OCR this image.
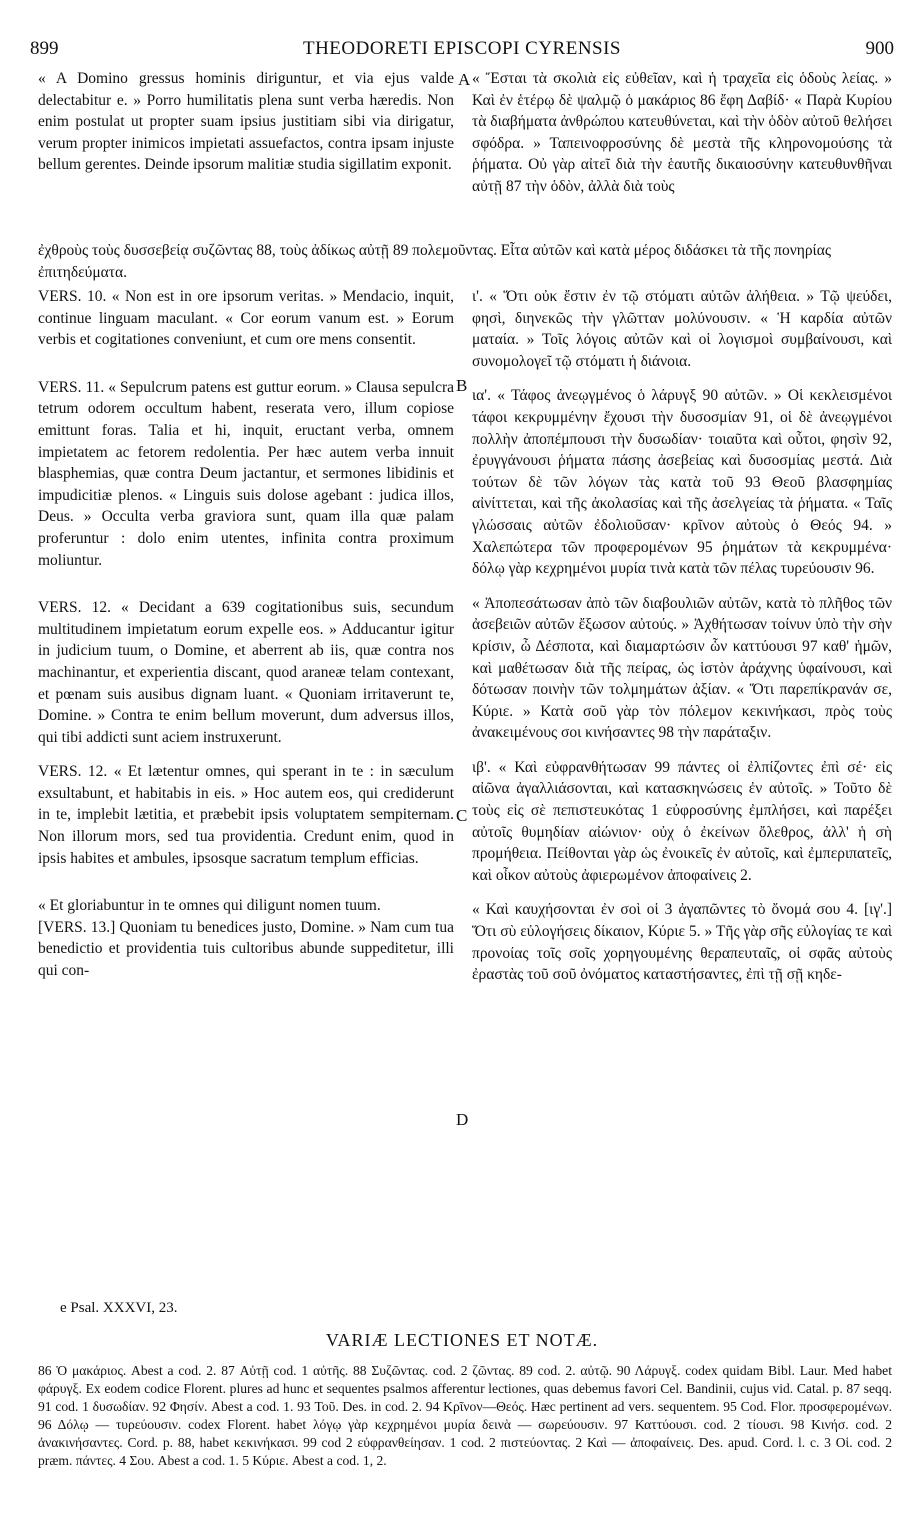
899	THEODORETI EPISCOPI CYRENSIS	900
A
B
C
D

« A Domino gressus hominis diriguntur, et via ejus valde delectabitur e. » Porro humilitatis plena sunt verba hæredis. Non enim postulat ut propter suam ipsius justitiam sibi via dirigatur, verum propter inimicos impietati assuefactos, contra ipsam injuste bellum gerentes. Deinde ipsorum malitiæ studia sigillatim exponit.

« Ἔσται τὰ σκολιὰ εἰς εὐθεῖαν, καὶ ἡ τραχεῖα εἰς ὁδοὺς λείας. » Καὶ ἐν ἑτέρῳ δὲ ψαλμῷ ὁ μακάριος 86 ἔφη Δαβίδ· « Παρὰ Κυρίου τὰ διαβήματα ἀνθρώπου κατευθύνεται, καὶ τὴν ὁδὸν αὐτοῦ θελήσει σφόδρα. » Ταπεινοφροσύνης δὲ μεστὰ τῆς κληρονομούσης τὰ ῥήματα. Οὐ γὰρ αἰτεῖ διὰ τὴν ἑαυτῆς δικαιοσύνην κατευθυνθῆναι αὐτῇ 87 τὴν ὁδὸν, ἀλλὰ διὰ τοὺς

ἐχθροὺς τοὺς δυσσεβείᾳ συζῶντας 88, τοὺς ἀδίκως αὐτῇ 89 πολεμοῦντας. Εἶτα αὐτῶν καὶ κατὰ μέρος διδάσκει τὰ τῆς πονηρίας ἐπιτηδεύματα.

VERS. 10. « Non est in ore ipsorum veritas. » Mendacio, inquit, continue linguam maculant. « Cor eorum vanum est. » Eorum verbis et cogitationes conveniunt, et cum ore mens consentit.

VERS. 11. « Sepulcrum patens est guttur eorum. » Clausa sepulcra tetrum odorem occultum habent, reserata vero, illum copiose emittunt foras. Talia et hi, inquit, eructant verba, omnem impietatem ac fetorem redolentia. Per hæc autem verba innuit blasphemias, quæ contra Deum jactantur, et sermones libidinis et impudicitiæ plenos. « Linguis suis dolose agebant : judica illos, Deus. » Occulta verba graviora sunt, quam illa quæ palam proferuntur : dolo enim utentes, infinita contra proximum moliuntur.

VERS. 12. « Decidant a 639 cogitationibus suis, secundum multitudinem impietatum eorum expelle eos. » Adducantur igitur in judicium tuum, o Domine, et aberrent ab iis, quæ contra nos machinantur, et experientia discant, quod araneæ telam contexant, et pœnam suis ausibus dignam luant. « Quoniam irritaverunt te, Domine. » Contra te enim bellum moverunt, dum adversus illos, qui tibi addicti sunt aciem instruxerunt.

VERS. 12. « Et lætentur omnes, qui sperant in te : in sæculum exsultabunt, et habitabis in eis. » Hoc autem eos, qui crediderunt in te, implebit lætitia, et præbebit ipsis voluptatem sempiternam. Non illorum mors, sed tua providentia. Credunt enim, quod in ipsis habites et ambules, ipsosque sacratum templum efficias.

« Et gloriabuntur in te omnes qui diligunt nomen tuum.

[VERS. 13.] Quoniam tu benedices justo, Domine. » Nam cum tua benedictio et providentia tuis cultoribus abunde suppeditetur, illi qui con-

ι'. « Ὅτι οὐκ ἔστιν ἐν τῷ στόματι αὐτῶν ἀλήθεια. » Τῷ ψεύδει, φησὶ, διηνεκῶς τὴν γλῶτταν μολύνουσιν. « Ἡ καρδία αὐτῶν ματαία. » Τοῖς λόγοις αὐτῶν καὶ οἱ λογισμοὶ συμβαίνουσι, καὶ συνομολογεῖ τῷ στόματι ἡ διάνοια.

ια'. « Τάφος ἀνεῳγμένος ὁ λάρυγξ 90 αὐτῶν. » Οἱ κεκλεισμένοι τάφοι κεκρυμμένην ἔχουσι τὴν δυσοσμίαν 91, οἱ δὲ ἀνεῳγμένοι πολλὴν ἀποπέμπουσι τὴν δυσωδίαν· τοιαῦτα καὶ οὗτοι, φησὶν 92, ἐρυγγάνουσι ῥήματα πάσης ἀσεβείας καὶ δυσοσμίας μεστά. Διὰ τούτων δὲ τῶν λόγων τὰς κατὰ τοῦ 93 Θεοῦ βλασφημίας αἰνίττεται, καὶ τῆς ἀκολασίας καὶ τῆς ἀσελγείας τὰ ῥήματα. « Ταῖς γλώσσαις αὐτῶν ἐδολιοῦσαν· κρῖνον αὐτοὺς ὁ Θεός 94. » Χαλεπώτερα τῶν προφερομένων 95 ῥημάτων τὰ κεκρυμμένα· δόλῳ γὰρ κεχρημένοι μυρία τινὰ κατὰ τῶν πέλας τυρεύουσιν 96.

« Ἀποπεσάτωσαν ἀπὸ τῶν διαβουλιῶν αὐτῶν, κατὰ τὸ πλῆθος τῶν ἀσεβειῶν αὐτῶν ἔξωσον αὐτούς. » Ἀχθήτωσαν τοίνυν ὑπὸ τὴν σὴν κρίσιν, ὦ Δέσποτα, καὶ διαμαρτώσιν ὧν καττύουσι 97 καθ' ἡμῶν, καὶ μαθέτωσαν διὰ τῆς πείρας, ὡς ἱστὸν ἀράχνης ὑφαίνουσι, καὶ δότωσαν ποινὴν τῶν τολμημάτων ἀξίαν. « Ὅτι παρεπίκρανάν σε, Κύριε. » Κατὰ σοῦ γὰρ τὸν πόλεμον κεκινήκασι, πρὸς τοὺς ἀνακειμένους σοι κινήσαντες 98 τὴν παράταξιν.

ιβ'. « Καὶ εὐφρανθήτωσαν 99 πάντες οἱ ἐλπίζοντες ἐπὶ σέ· εἰς αἰῶνα ἀγαλλιάσονται, καὶ κατασκηνώσεις ἐν αὐτοῖς. » Τοῦτο δὲ τοὺς εἰς σὲ πεπιστευκότας 1 εὐφροσύνης ἐμπλήσει, καὶ παρέξει αὐτοῖς θυμηδίαν αἰώνιον· οὐχ ὁ ἐκείνων ὄλεθρος, ἀλλ' ἡ σὴ προμήθεια. Πείθονται γὰρ ὡς ἐνοικεῖς ἐν αὐτοῖς, καὶ ἐμπεριπατεῖς, καὶ οἶκον αὐτοὺς ἀφιερωμένον ἀποφαίνεις 2.

« Καὶ καυχήσονται ἐν σοὶ οἱ 3 ἀγαπῶντες τὸ ὄνομά σου 4. [ιγ'.] Ὅτι σὺ εὐλογήσεις δίκαιον, Κύριε 5. » Τῆς γὰρ σῆς εὐλογίας τε καὶ προνοίας τοῖς σοῖς χορηγουμένης θεραπευταῖς, οἱ σφᾶς αὐτοὺς ἐραστὰς τοῦ σοῦ ὀνόματος καταστήσαντες, ἐπὶ τῇ σῇ κηδε-

e Psal. XXXVI, 23.
VARIÆ LECTIONES ET NOTÆ.

86 Ὁ μακάριος. Abest a cod. 2. 87 Αὐτῇ cod. 1 αὐτῆς. 88 Συζῶντας. cod. 2 ζῶντας. 89 cod. 2. αὐτῷ. 90 Λάρυγξ. codex quidam Bibl. Laur. Med habet φάρυγξ. Ex eodem codice Florent. plures ad hunc et sequentes psalmos afferentur lectiones, quas debemus favori Cel. Bandinii, cujus vid. Catal. p. 87 seqq. 91 cod. 1 δυσωδίαν. 92 Φησίν. Abest a cod. 1. 93 Τοῦ. Des. in cod. 2. 94 Κρῖνον—Θεός. Hæc pertinent ad vers. sequentem. 95 Cod. Flor. προσφερομένων. 96 Δόλῳ — τυρεύουσιν. codex Florent. habet λόγῳ γὰρ κεχρημένοι μυρία δεινὰ — σωρεύουσιν. 97 Καττύουσι. cod. 2 τίουσι. 98 Κινήσ. cod. 2 ἀνακινήσαντες. Cord. p. 88, habet κεκινήκασι. 99 cod 2 εὐφρανθείησαν. 1 cod. 2 πιστεύοντας. 2 Καὶ — ἀποφαίνεις. Des. apud. Cord. l. c. 3 Οἱ. cod. 2 præm. πάντες. 4 Σου. Abest a cod. 1. 5 Κύριε. Abest a cod. 1, 2.
